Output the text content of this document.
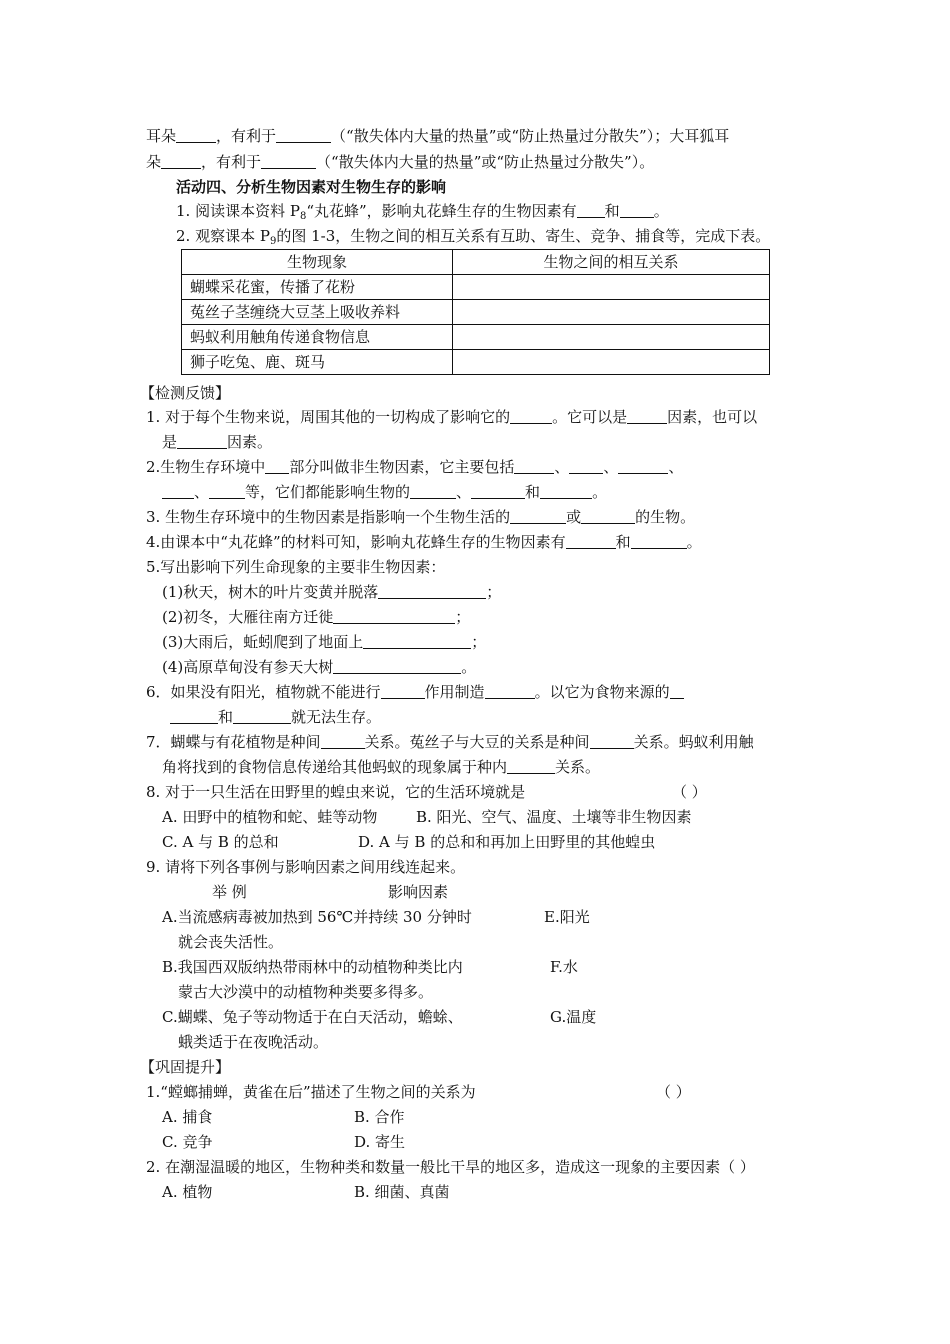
耳朵	，有利于	（“散失体内大量的热量”或“防止热量过分散失”）；大耳狐耳
朵	，有利于	（“散失体内大量的热量”或“防止热量过分散失”）。
活动四、分析生物因素对生物生存的影响
1. 阅读课本资料 $P_8“$丸花蜂”，影响丸花蜂生存的生物因素有 和 。
2. 观察课本 $P_9$的图 1-3，生物之间的相互关系有互助、寄生、竞争、捕食等，完成下表。
生物现象	生物之间的相互关系
蝴蝶采花蜜，传播了花粉	
菟丝子茎缠绕大豆茎上吸收养料	
蚂蚁利用触角传递食物信息	
狮子吃兔、鹿、斑马	
【检测反馈】
1. 对于每个生物来说，周围其他的一切构成了影响它的	。它可以是	因素，也可以
是	因素。
2.生物生存环境中 部分叫做非生物因素，它主要包括	、 、	、
、 等，它们都能影响生物的	、	和	。
3. 生物生存环境中的生物因素是指影响一个生物生活的	或	的生物。
4.由课本中“丸花蜂”的材料可知，影响丸花蜂生存的生物因素有	和	。
5.写出影响下列生命现象的主要非生物因素：
(1)秋天，树木的叶片变黄并脱落	；
(2)初冬，大雁往南方迁徙	；
(3)大雨后，蚯蚓爬到了地面上	；
(4)高原草甸没有参天大树	。
6．如果没有阳光，植物就不能进行	作用制造	。以它为食物来源的
和	就无法生存。
7．蝴蝶与有花植物是种间	关系。菟丝子与大豆的关系是种间	关系。蚂蚁利用触
角将找到的食物信息传递给其他蚂蚁的现象属于种内	关系。
8. 对于一只生活在田野里的蝗虫来说，它的生活环境就是	（ ）
A. 田野中的植物和蛇、蛙等动物	B. 阳光、空气、温度、土壤等非生物因素
C. A 与 B 的总和	D. A 与 B 的总和和再加上田野里的其他蝗虫
9. 请将下列各事例与影响因素之间用线连起来。
举 例	影响因素
A.当流感病毒被加热到 56℃并持续 30 分钟时
就会丧失活性。
E.阳光
B.我国西双版纳热带雨林中的动植物种类比内
蒙古大沙漠中的动植物种类要多得多。
F.水
C.蝴蝶、兔子等动物适于在白天活动，蟾蜍、
蛾类适于在夜晚活动。
G.温度
【巩固提升】
1.“螳螂捕蝉，黄雀在后”描述了生物之间的关系为	（ ）
A. 捕食	B. 合作
C. 竞争	D. 寄生
2. 在潮湿温暖的地区，生物种类和数量一般比干旱的地区多，造成这一现象的主要因素（ ）
A. 植物	B. 细菌、真菌
